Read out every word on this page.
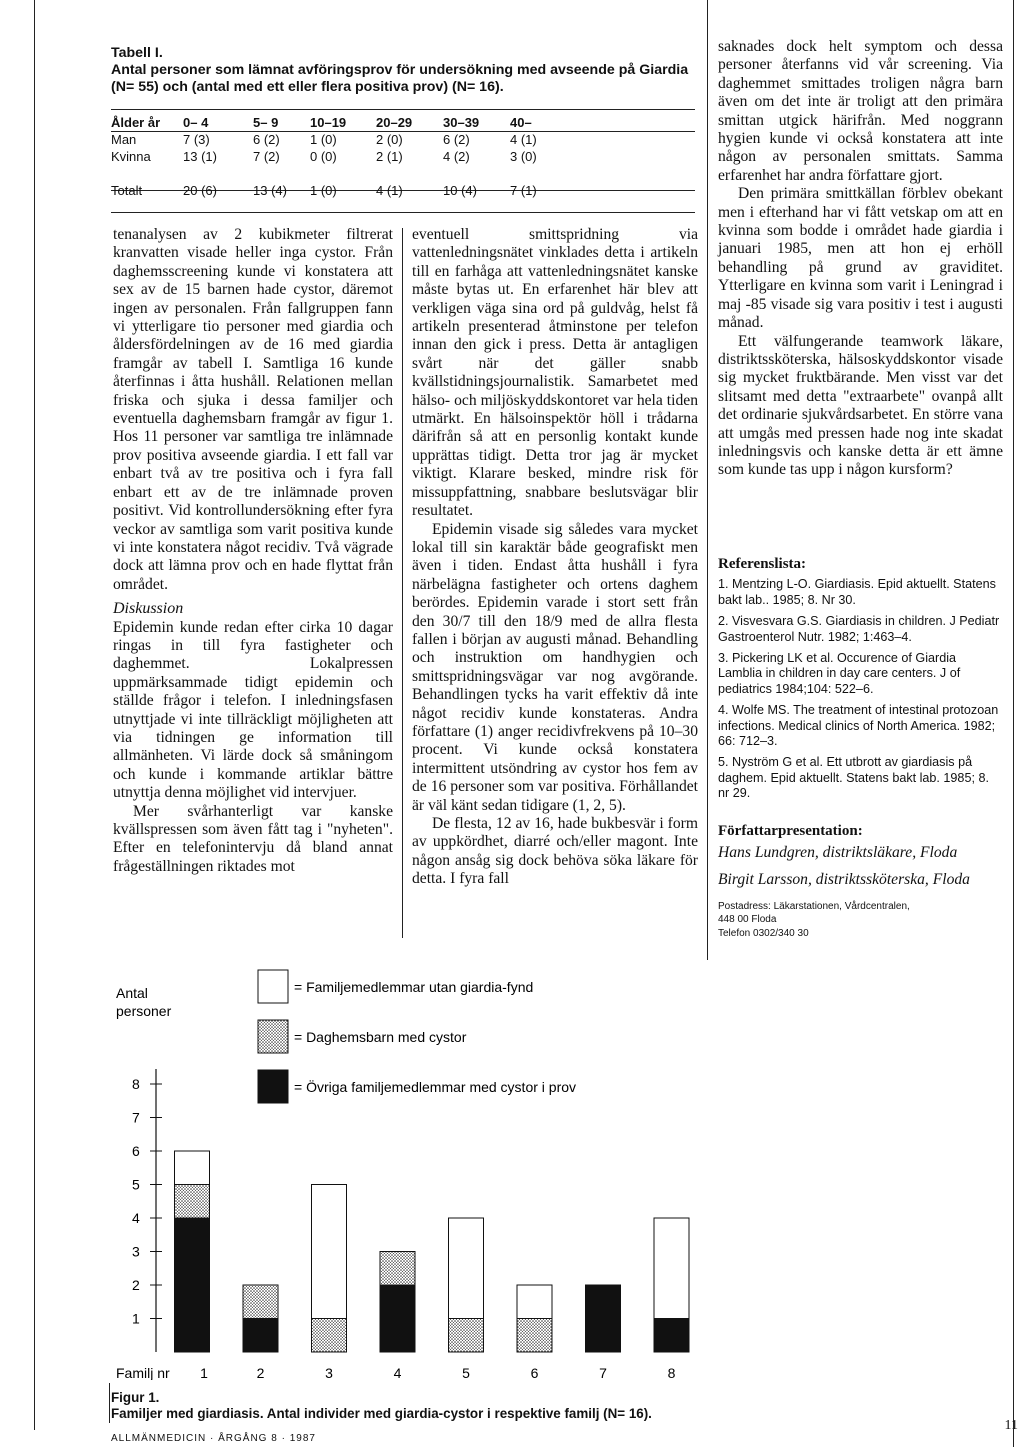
Tabell I.
Antal personer som lämnat avföringsprov för undersökning med avseende på Giardia (N= 55) och (antal med ett eller flera positiva prov) (N= 16).
Ålder år	0– 4	5– 9	10–19	20–29	30–39	40–
Man	7 (3)	6 (2)	1 (0)	2 (0)	6 (2)	4 (1)
Kvinna	13 (1)	7 (2)	0 (0)	2 (1)	4 (2)	3 (0)

Totalt	20 (6)	13 (4)	1 (0)	4 (1)	10 (4)	7 (1)

tenanalysen av 2 kubikmeter filtrerat kranvatten visade heller inga cystor. Från daghemsscreening kunde vi konstatera att sex av de 15 barnen hade cystor, däremot ingen av personalen. Från fallgruppen fann vi ytterligare tio personer med giardia och åldersfördelningen av de 16 med giardia framgår av tabell I. Samtliga 16 kunde återfinnas i åtta hushåll. Relationen mellan friska och sjuka i dessa familjer och eventuella daghemsbarn framgår av figur 1. Hos 11 personer var samtliga tre inlämnade prov positiva avseende giardia. I ett fall var enbart två av tre positiva och i fyra fall enbart ett av de tre inlämnade proven positivt. Vid kontrollundersökning efter fyra veckor av samtliga som varit positiva kunde vi inte konstatera något recidiv. Två vägrade dock att lämna prov och en hade flyttat från området.

Diskussion

Epidemin kunde redan efter cirka 10 dagar ringas in till fyra fastigheter och daghemmet. Lokalpressen uppmärksammade tidigt epidemin och ställde frågor i telefon. I inledningsfasen utnyttjade vi inte tillräckligt möjligheten att via tidningen ge information till allmänheten. Vi lärde dock så småningom och kunde i kommande artiklar bättre utnyttja denna möjlighet vid intervjuer.

Mer svårhanterligt var kanske kvällspressen som även fått tag i "nyheten". Efter en telefonintervju då bland annat frågeställningen riktades mot

eventuell smittspridning via vattenledningsnätet vinklades detta i artikeln till en farhåga att vattenledningsnätet kanske måste bytas ut. En erfarenhet här blev att verkligen väga sina ord på guldvåg, helst få artikeln presenterad åtminstone per telefon innan den gick i press. Detta är antagligen svårt när det gäller snabb kvällstidningsjournalistik. Samarbetet med hälso- och miljöskyddskontoret var hela tiden utmärkt. En hälsoinspektör höll i trådarna därifrån så att en personlig kontakt kunde upprättas tidigt. Detta tror jag är mycket viktigt. Klarare besked, mindre risk för missuppfattning, snabbare beslutsvägar blir resultatet.

Epidemin visade sig således vara mycket lokal till sin karaktär både geografiskt men även i tiden. Endast åtta hushåll i fyra närbelägna fastigheter och ortens daghem berördes. Epidemin varade i stort sett från den 30/7 till den 18/9 med de allra flesta fallen i början av augusti månad. Behandling och instruktion om handhygien och smittspridningsvägar var nog avgörande. Behandlingen tycks ha varit effektiv då inte något recidiv kunde konstateras. Andra författare (1) anger recidivfrekvens på 10–30 procent. Vi kunde också konstatera intermittent utsöndring av cystor hos fem av de 16 personer som var positiva. Förhållandet är väl känt sedan tidigare (1, 2, 5).

De flesta, 12 av 16, hade bukbesvär i form av uppkördhet, diarré och/eller magont. Inte någon ansåg sig dock behöva söka läkare för detta. I fyra fall

saknades dock helt symptom och dessa personer återfanns vid vår screening. Via daghemmet smittades troligen några barn även om det inte är troligt att den primära smittan utgick härifrån. Med noggrann hygien kunde vi också konstatera att inte någon av personalen smittats. Samma erfarenhet har andra författare gjort.

Den primära smittkällan förblev obekant men i efterhand har vi fått vetskap om att en kvinna som bodde i området hade giardia i januari 1985, men att hon ej erhöll behandling på grund av graviditet. Ytterligare en kvinna som varit i Leningrad i maj -85 visade sig vara positiv i test i augusti månad.

Ett välfungerande teamwork läkare, distriktssköterska, hälsoskyddskontor visade sig mycket fruktbärande. Men visst var det slitsamt med detta "extraarbete" ovanpå allt det ordinarie sjukvårdsarbetet. En större vana att umgås med pressen hade nog inte skadat inledningsvis och kanske detta är ett ämne som kunde tas upp i någon kursform?

Referenslista:
1. Mentzing L-O. Giardiasis. Epid aktuellt. Statens bakt lab.. 1985; 8. Nr 30.
2. Visvesvara G.S. Giardiasis in children. J Pediatr Gastroenterol Nutr. 1982; 1:463–4.
3. Pickering LK et al. Occurence of Giardia Lamblia in children in day care centers. J of pediatrics 1984;104: 522–6.
4. Wolfe MS. The treatment of intestinal protozoan infections. Medical clinics of North America. 1982; 66: 712–3.
5. Nyström G et al. Ett utbrott av giardiasis på daghem. Epid aktuellt. Statens bakt lab. 1985; 8. nr 29.
Författarpresentation:
Hans Lundgren, distriktsläkare, Floda
Birgit Larsson, distriktssköterska, Floda
Postadress: Läkarstationen, Vårdcentralen,
448 00 Floda
Telefon 0302/340 30
Antal
personer
1
2
3
4
5
6
7
8
Familj nr 1	2	3	4	5	6	7	8
= Familjemedlemmar utan giardia-fynd
= Daghemsbarn med cystor
= Övriga familjemedlemmar med cystor i prov
Figur 1.
Familjer med giardiasis. Antal individer med giardia-cystor i respektive familj (N= 16).
ALLMÄNMEDICIN · ÅRGÅNG 8 · 1987
11
